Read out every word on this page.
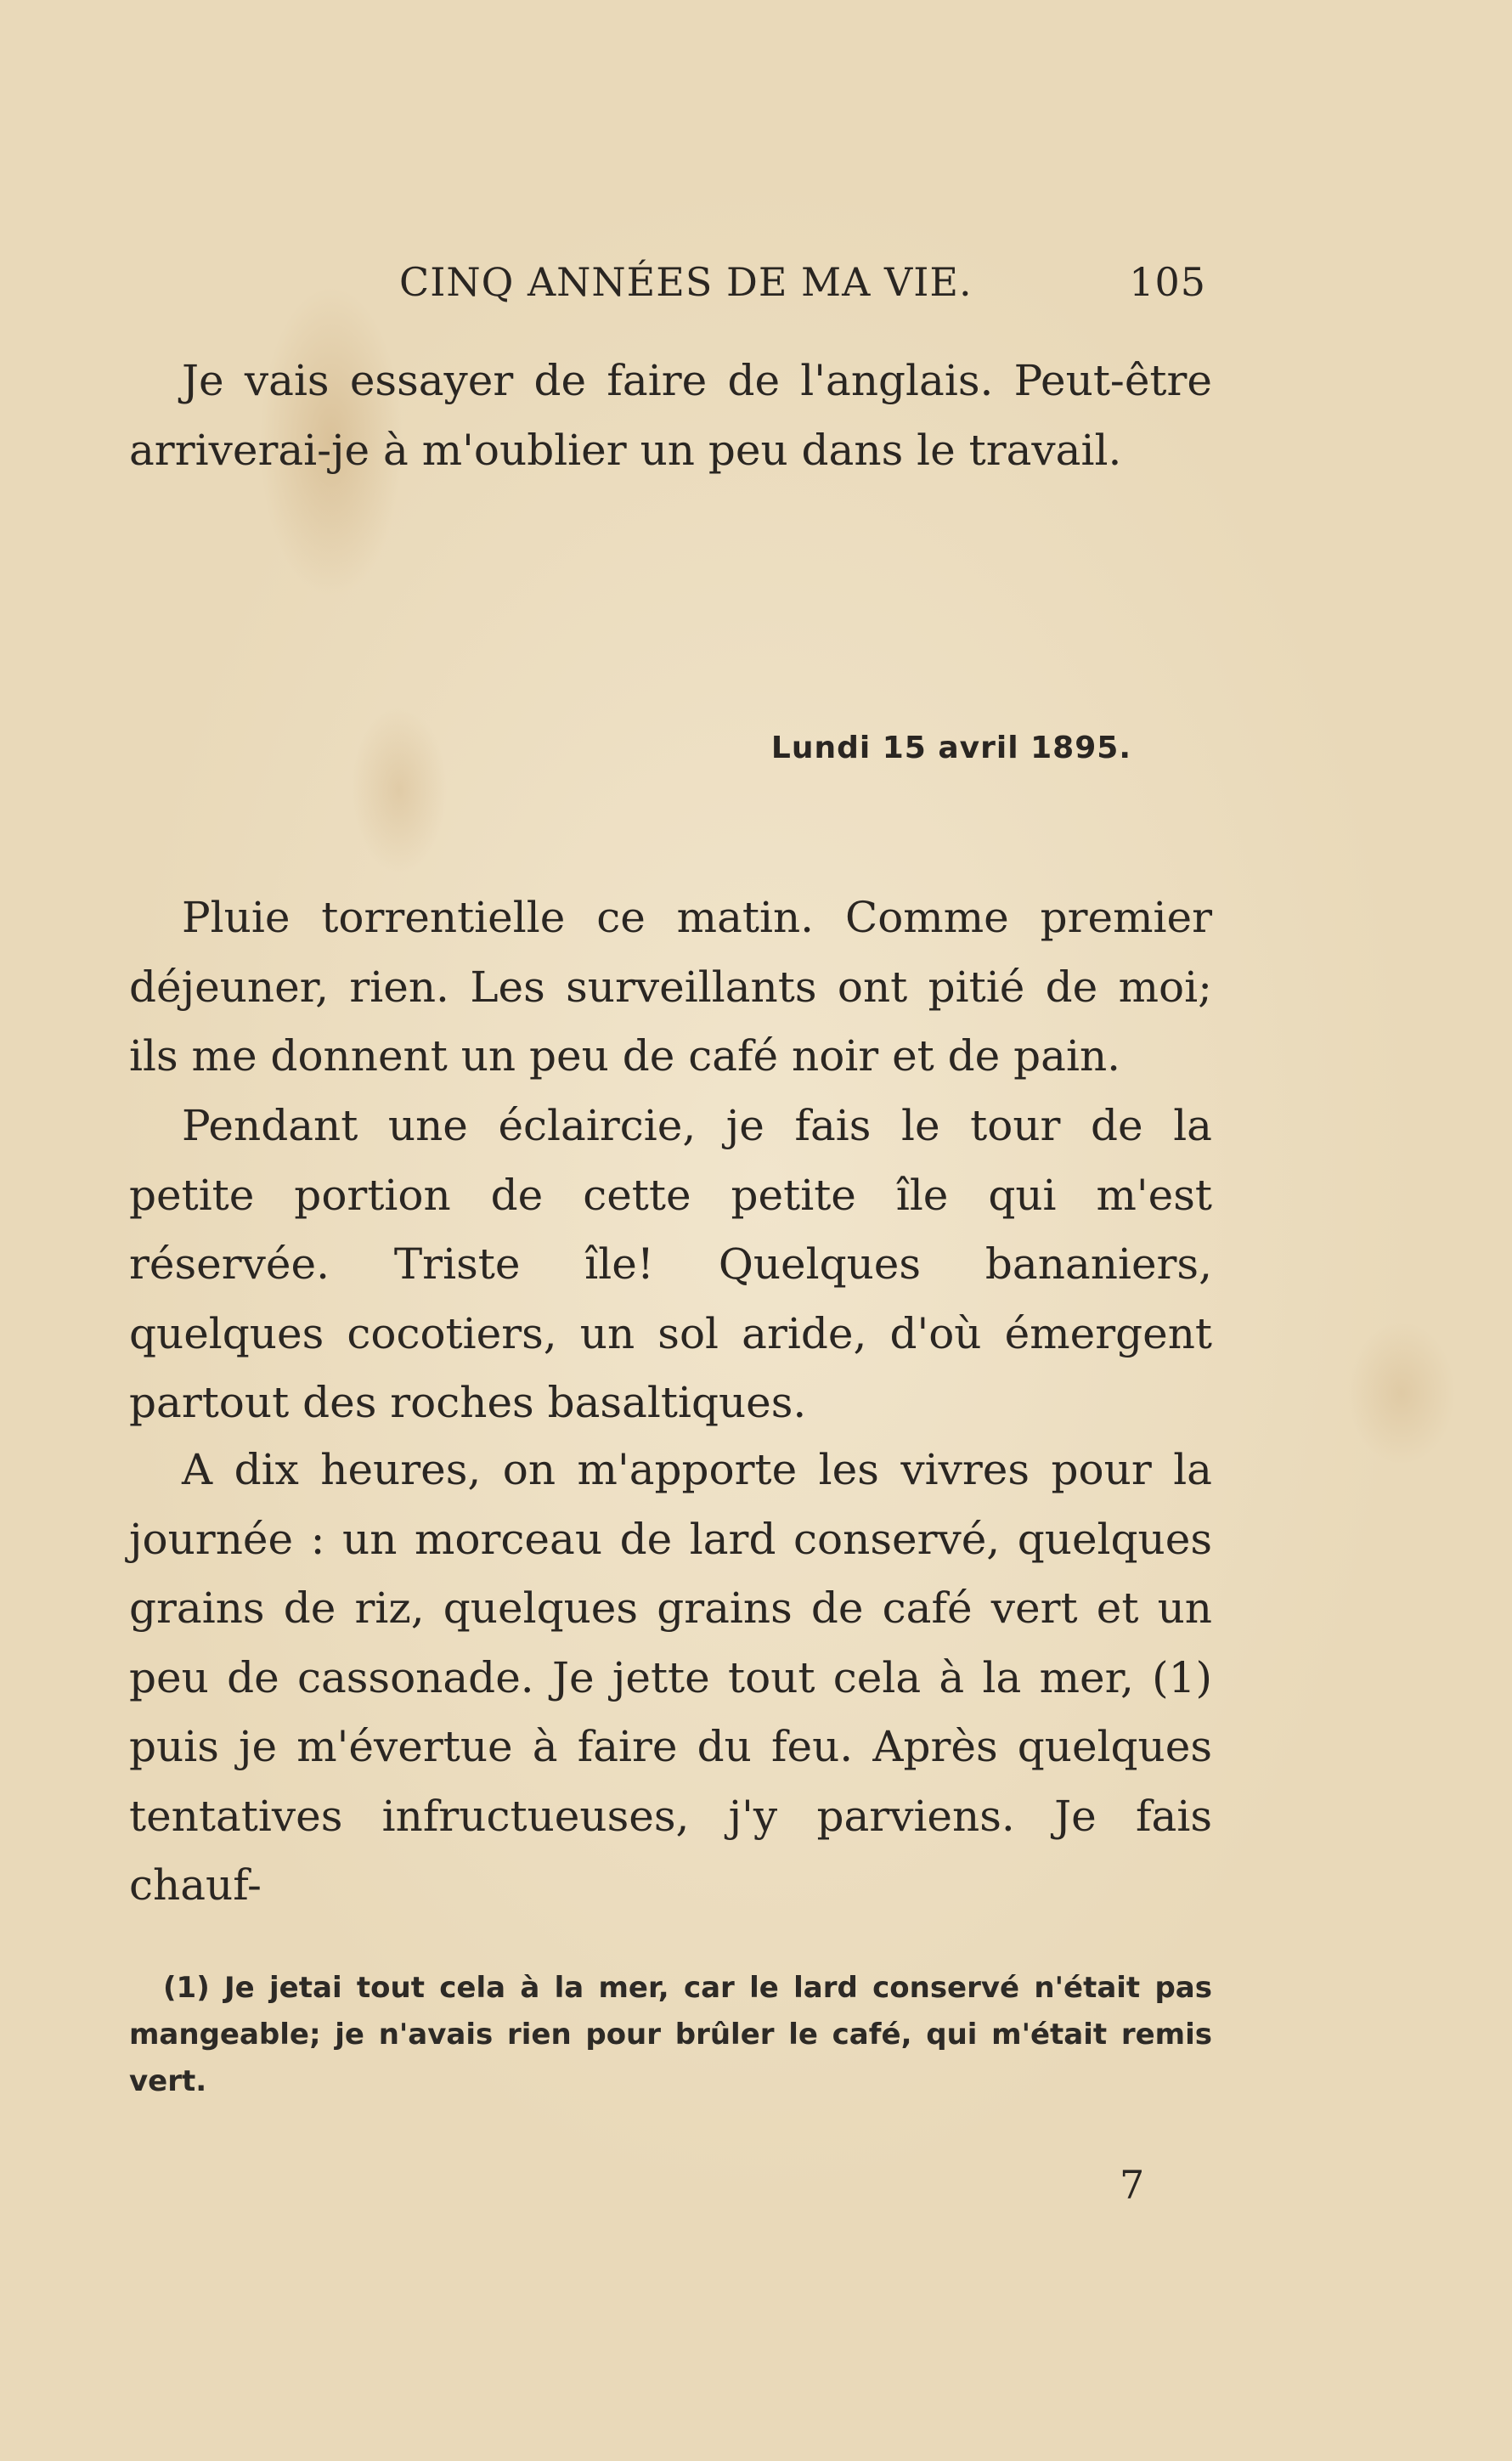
CINQ ANNÉES DE MA VIE.	105

Je vais essayer de faire de l'anglais. Peut-être arriverai-je à m'oublier un peu dans le travail.

Lundi 15 avril 1895.

Pluie torrentielle ce matin. Comme premier déjeuner, rien. Les surveillants ont pitié de moi; ils me donnent un peu de café noir et de pain.

Pendant une éclaircie, je fais le tour de la petite portion de cette petite île qui m'est réservée. Triste île! Quelques bananiers, quelques cocotiers, un sol aride, d'où émergent partout des roches basaltiques.

A dix heures, on m'apporte les vivres pour la journée : un morceau de lard conservé, quelques grains de riz, quelques grains de café vert et un peu de cassonade. Je jette tout cela à la mer, (1) puis je m'évertue à faire du feu. Après quelques tentatives infructueuses, j'y parviens. Je fais chauf-

(1) Je jetai tout cela à la mer, car le lard conservé n'était pas mangeable; je n'avais rien pour brûler le café, qui m'était remis vert.

7
